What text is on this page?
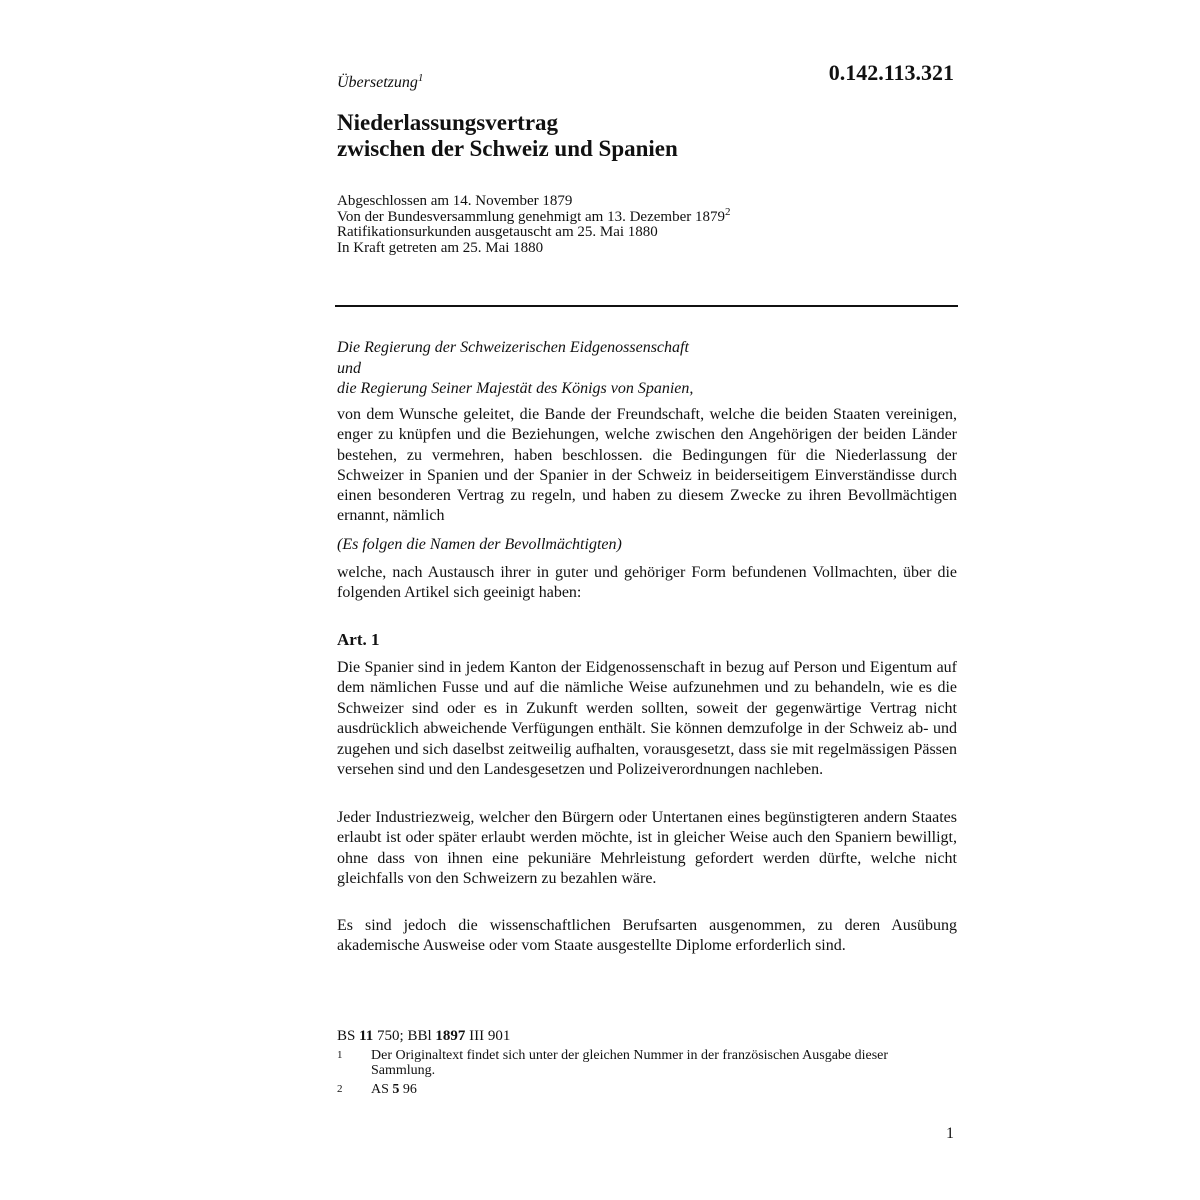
Übersetzung$^1$	0.142.113.321
Niederlassungsvertrag
zwischen der Schweiz und Spanien
Abgeschlossen am 14. November 1879
Von der Bundesversammlung genehmigt am 13. Dezember 1879$^2$
Ratifikationsurkunden ausgetauscht am 25. Mai 1880
In Kraft getreten am 25. Mai 1880
Die Regierung der Schweizerischen Eidgenossenschaft
und
die Regierung Seiner Majestät des Königs von Spanien,
von dem Wunsche geleitet, die Bande der Freundschaft, welche die beiden Staaten vereinigen, enger zu knüpfen und die Beziehungen, welche zwischen den Angehörigen der beiden Länder bestehen, zu vermehren, haben beschlossen. die Bedingungen für die Niederlassung der Schweizer in Spanien und der Spanier in der Schweiz in beiderseitigem Einverständisse durch einen besonderen Vertrag zu regeln, und haben zu diesem Zwecke zu ihren Bevollmächtigen ernannt, nämlich
(Es folgen die Namen der Bevollmächtigten)
welche, nach Austausch ihrer in guter und gehöriger Form befundenen Vollmachten, über die folgenden Artikel sich geeinigt haben:
Art. 1
Die Spanier sind in jedem Kanton der Eidgenossenschaft in bezug auf Person und Eigentum auf dem nämlichen Fusse und auf die nämliche Weise aufzunehmen und zu behandeln, wie es die Schweizer sind oder es in Zukunft werden sollten, soweit der gegenwärtige Vertrag nicht ausdrücklich abweichende Verfügungen enthält. Sie können demzufolge in der Schweiz ab- und zugehen und sich daselbst zeitweilig aufhalten, vorausgesetzt, dass sie mit regelmässigen Pässen versehen sind und den Landesgesetzen und Polizeiverordnungen nachleben.
Jeder Industriezweig, welcher den Bürgern oder Untertanen eines begünstigteren andern Staates erlaubt ist oder später erlaubt werden möchte, ist in gleicher Weise auch den Spaniern bewilligt, ohne dass von ihnen eine pekuniäre Mehrleistung gefordert werden dürfte, welche nicht gleichfalls von den Schweizern zu bezahlen wäre.
Es sind jedoch die wissenschaftlichen Berufsarten ausgenommen, zu deren Ausübung akademische Ausweise oder vom Staate ausgestellte Diplome erforderlich sind.
BS 11 750; BBl 1897 III 901
1 Der Originaltext findet sich unter der gleichen Nummer in der französischen Ausgabe dieser Sammlung.
2 AS 5 96
1
